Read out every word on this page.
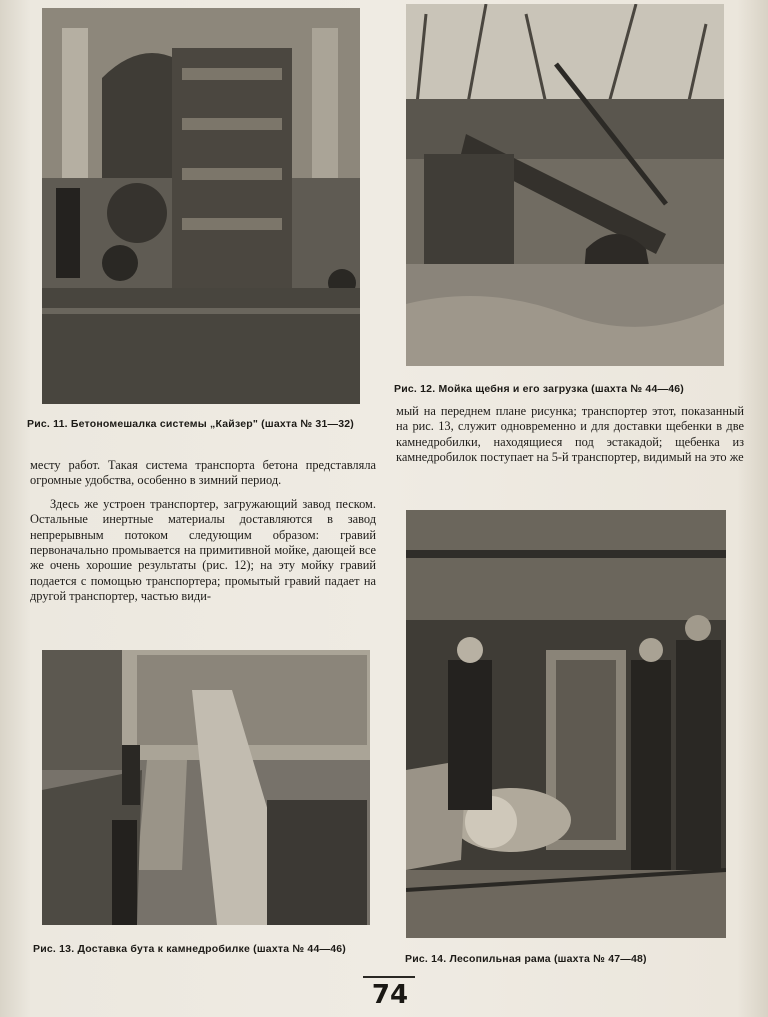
Рис. 11. Бетономешалка системы „Кайзер" (шахта № 31—32)
Рис. 12. Мойка щебня и его загрузка (шахта № 44—46)

месту работ. Такая система транспорта бетона представляла огромные удобства, особенно в зимний период.

Здесь же устроен транспортер, загружающий завод песком. Остальные инертные материалы доставляются в завод непрерывным потоком следующим образом: гравий первоначально промывается на примитивной мойке, дающей все же очень хорошие результаты (рис. 12); на эту мойку гравий подается с помощью транспортера; промытый гравий падает на другой транспортер, частью види-

мый на переднем плане рисунка; транспортер этот, показанный на рис. 13, служит одновременно и для доставки щебенки в две камнедробилки, находящиеся под эстакадой; щебенка из камнедробилок поступает на 5-й транспортер, видимый на это же

Рис. 13. Доставка бута к камнедробилке (шахта № 44—46)
Рис. 14. Лесопильная рама (шахта № 47—48)
74
